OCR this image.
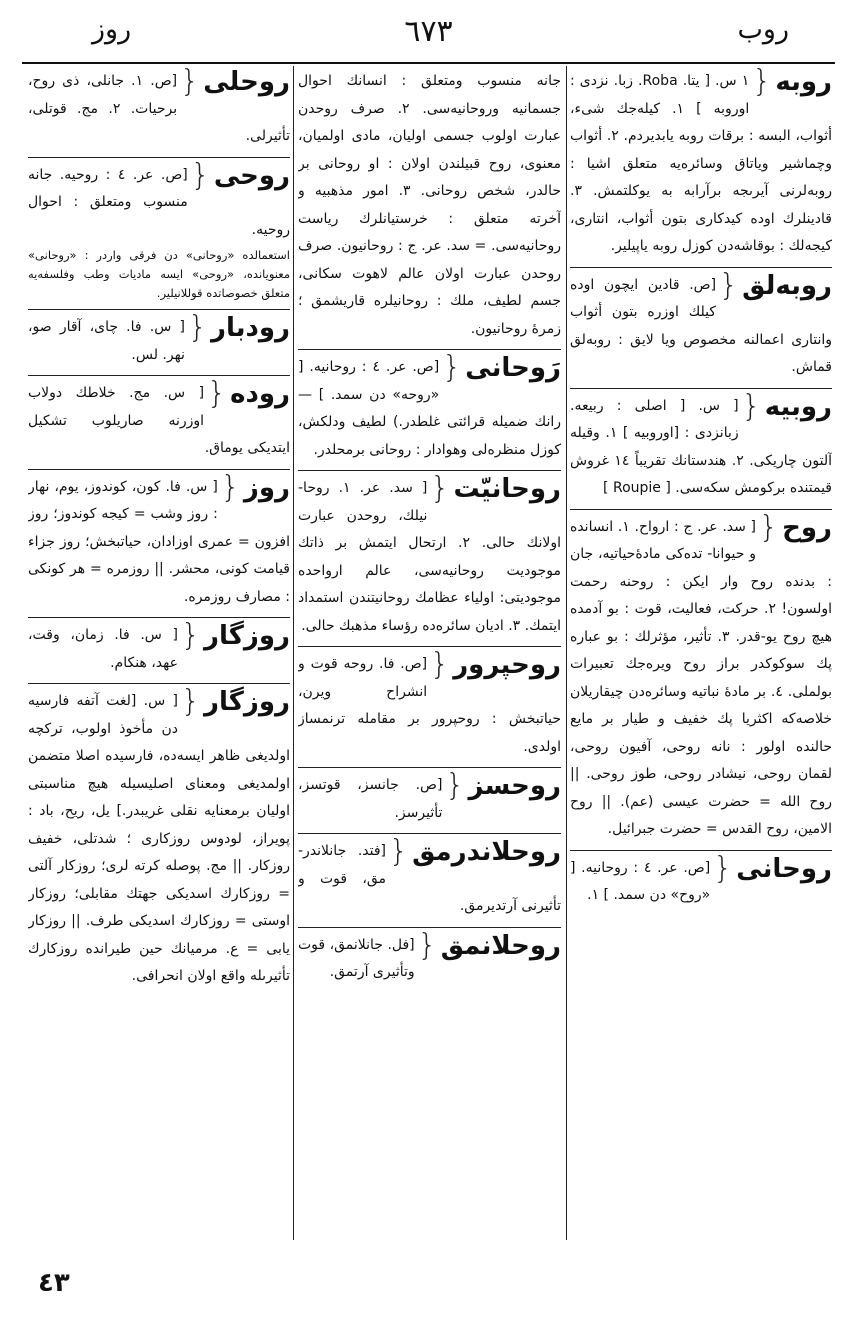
روب
٦٧٣
روز
روبه
{
١ س. [ يتا. Roba. زبا. نزدى : اوروبه ] ١. كيلەجك شیء، أثواب، البسە : برقات روبه يابدیردم. ٢. أثواب وچماشیر وياتاق وسائرەيه متعلق اشيا : روبەلرنى آيرىجه برآرابه بە يوكلتمش. ٣. قادينلرك اوده كيدكارى بتون أثواب، انتارى، كيجەلك : بوقاشەدن كوزل روبه ياپيلير.
روبەلق
{
[ص. قادين ايچون اوده كيلك اوزره بتون أثواب وانتارى اعمالنه مخصوص ويا لايق : روبەلق قماش.
روبيه
{
[ س. [ اصلى : ربيعه. زبانزدى : [اوروبيه ] ١. وقيله آلتون چاريكى. ٢. هندستانك تقريباً ١٤ غروش قيمتنده بركومش سكەسى. [ Roupie ]
روح
{
[ سد. عر. ج : ارواح. ١. انسانده و حيوانا- تدەكى مادۀحياتيه، جان : بدنده روح وار ايكن : روحنه رحمت اولسون! ٢. حركت، فعاليت، قوت : بو آدمده هيچ روح يو-قدر. ٣. تأثير، مؤثرلك : بو عباره پك سوكوكدر براز روح ويرەجك تعبيرات بولملى. ٤. بر مادۀ نباتيه وسائرەدن چيقاريلان خلاصەكه اكثريا پك خفيف و طيار بر مايع حالنده اولور : نانه روحى، آفيون روحى، لقمان روحى، نيشادر روحى، طوز روحى. || روح الله = حضرت عيسى (عم). || روح الامين، روح القدس = حضرت جبرائيل.
روحانى
{
[ص. عر. ٤ : روحانيه. [ «روح» دن سمد. ] ١.
جانه منسوب ومتعلق : انسانك احوال جسمانيه وروحانيەسى. ٢. صرف روحدن عبارت اولوب جسمى اوليان، مادى اولميان، معنوى، روح قبيلندن اولان : او روحانى بر حالدر، شخص روحانى. ٣. امور مذهبيه و آخرته متعلق : خرستيانلرك رياست روحانيەسى. = سد. عر. ج : روحانيون. صرف روحدن عبارت اولان عالم لاهوت سكانى، جسم لطيف، ملك : روحانيلره قاريشمق ؛ زمرهٔ روحانيون.
رَوحانى
{
[ص. عر. ٤ : روحانيه. [ «روحه» دن سمد. ] — رانك ضمیله قرائتى غلطدر.) لطيف ودلكش، كوزل منظرەلى وهوادار : روحانى برمحلدر.
روحانيّت
{
[ سد. عر. ١. روحا-نيلك، روحدن عبارت اولانك حالى. ٢. ارتحال ايتمش بر ذاتك موجوديت روحانيەسى، عالم ارواحده موجودیتى: اولياء عظامك روحانيتندن استمداد ايتمك. ٣. اديان سائرەده رؤساء مذهبك حالى.
روحپرور
{
[ص. فا. روحه قوت و انشراح ويرن، حياتبخش : روحپرور بر مقامله ترنمساز اولدى.
روحسز
{
[ص. جانسز، قوتسز، تأثيرسز.
روحلاندرمق
{
[فتد. جانلاندر-مق، قوت و تأثيرنى آرتديرمق.
روحلانمق
{
[فل. جانلانمق، قوت وتأثيرى آرتمق.
روحلى
{
[ص. ١. جانلى، ذى روح، برحيات. ٢. مج. قوتلى، تأثيرلى.
روحى
{
[ص. عر. ٤ : روحيه. جانه منسوب ومتعلق : احوال روحيه.
استعمالده «روحانى» دن فرقى واردر : «روحانى» معنويانده، «روحى» ايسه ماديات وطب وفلسفەيه متعلق خصوصاتده قوللانيلير.
رودبار
{
[ س. فا. چاى، آقار صو، نهر. لس.
روده
{
[ س. مج. خلاطك دولاب اوزرنه صاريلوب تشكيل ايتديكى يوماق.
روز
{
[ س. فا. كون، كوندوز، يوم، نهار : روز وشب = كيجه كوندوز؛ روز افزون = عمرى اوزادان، حياتبخش؛ روز جزاء قيامت كونى، محشر. || روزمره = هر كونكى : مصارف روزمره.
روزگار
{
[ س. فا. زمان، وقت، عهد، هنكام.
روزگار
{
[ س. [لغت آتفه فارسيه دن مأخوذ اولوب، تركچه اولديغى ظاهر ايسەده، فارسيده اصلا متضمن اولمديغى ومعناى اصليسيله هيچ مناسبتى اوليان برمعنايه نقلى غريبدر.] يل، ريح، باد : پويراز، لودوس روزكارى ؛ شدتلى، خفيف روزكار. || مج. پوصله كرته لرى؛ روزكار آلتى = روزكارك اسديكى جهتك مقابلى؛ روزكار اوستى = روزكارك اسديكى طرف. || روزكار يابى = ع. مرميانك حين طيرانده روزكارك تأثيرىله واقع اولان انحرافى.
٤٣
